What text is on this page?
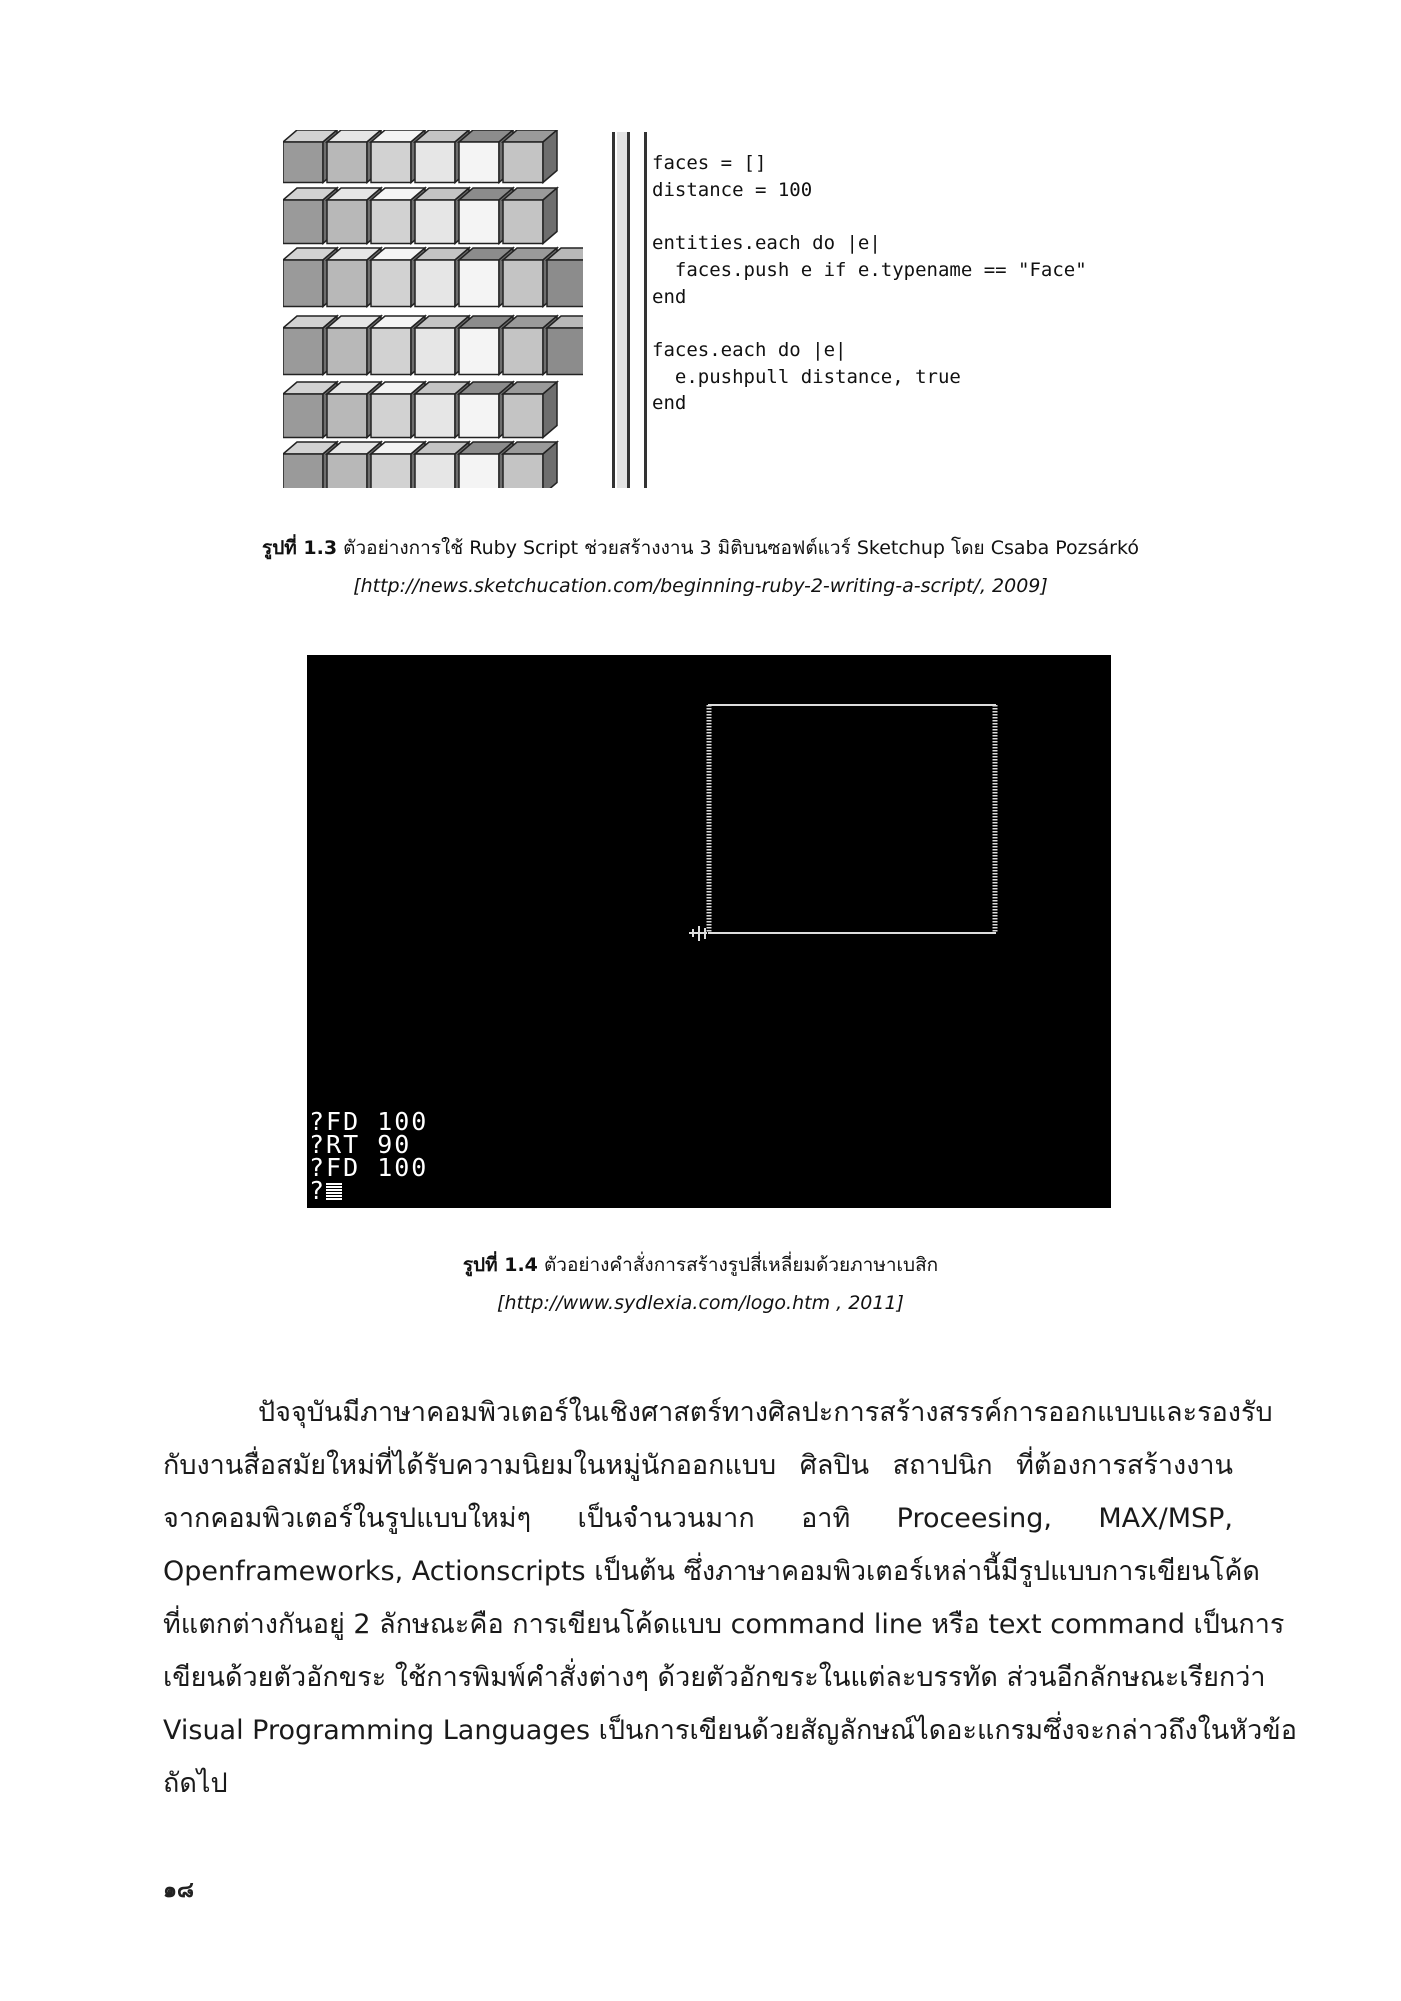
faces = []
distance = 100

entities.each do |e|
faces.push e if e.typename == "Face"
end

faces.each do |e|
e.pushpull distance, true
end
รูปที่ 1.3 ตัวอย่างการใช้ Ruby Script ช่วยสร้างงาน 3 มิติบนซอฟต์แวร์ Sketchup โดย Csaba Pozsárkó
[http://news.sketchucation.com/beginning-ruby-2-writing-a-script/, 2009]
?FD 100
?RT 90
?FD 100
?
รูปที่ 1.4 ตัวอย่างคำสั่งการสร้างรูปสี่เหลี่ยมด้วยภาษาเบสิก
[http://www.sydlexia.com/logo.htm , 2011]
ปัจจุบันมีภาษาคอมพิวเตอร์ในเชิงศาสตร์ทางศิลปะการสร้างสรรค์การออกแบบและรองรับ
กับงานสื่อสมัยใหม่ที่ได้รับความนิยมในหมู่นักออกแบบ ศิลปิน สถาปนิก ที่ต้องการสร้างงาน
จากคอมพิวเตอร์ในรูปแบบใหม่ๆ เป็นจำนวนมาก อาทิ Proceesing, MAX/MSP,
Openframeworks, Actionscripts เป็นต้น ซึ่งภาษาคอมพิวเตอร์เหล่านี้มีรูปแบบการเขียนโค้ด
ที่แตกต่างกันอยู่ 2 ลักษณะคือ การเขียนโค้ดแบบ command line หรือ text command เป็นการ
เขียนด้วยตัวอักขระ ใช้การพิมพ์คำสั่งต่างๆ ด้วยตัวอักขระในแต่ละบรรทัด ส่วนอีกลักษณะเรียกว่า
Visual Programming Languages เป็นการเขียนด้วยสัญลักษณ์ไดอะแกรมซึ่งจะกล่าวถึงในหัวข้อ
ถัดไป
๑๘
